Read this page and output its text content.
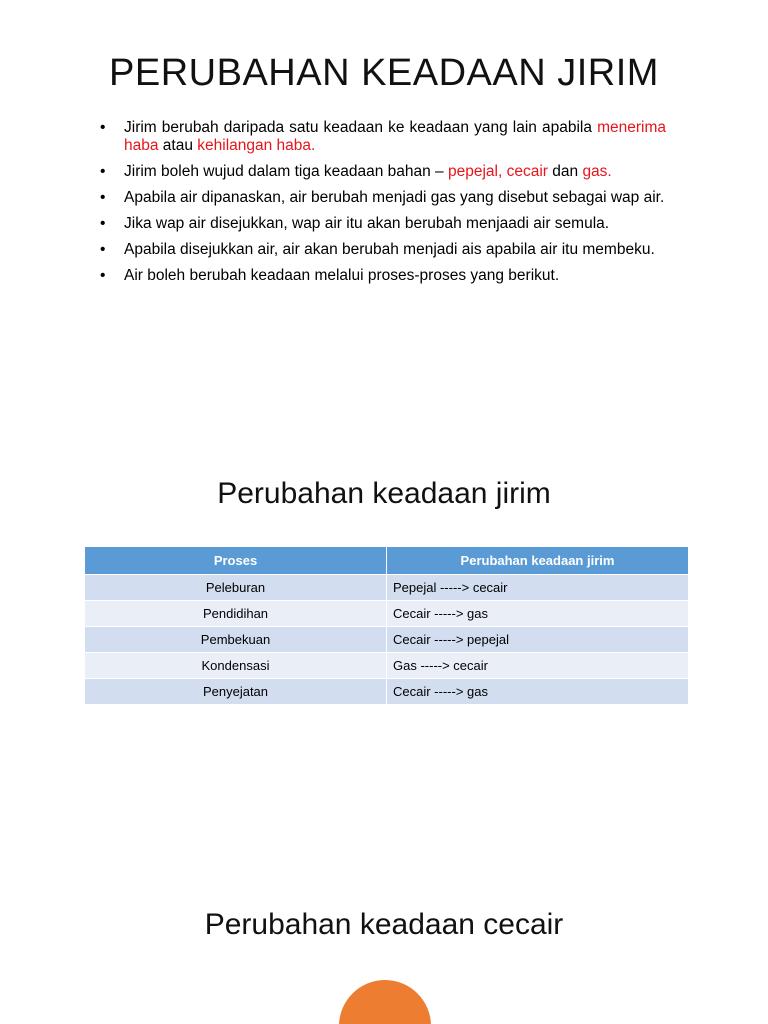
PERUBAHAN KEADAAN JIRIM
• Jirim berubah daripada satu keadaan ke keadaan yang lain apabila menerima haba atau kehilangan haba.
• Jirim boleh wujud dalam tiga keadaan bahan – pepejal, cecair dan gas.
• Apabila air dipanaskan, air berubah menjadi gas yang disebut sebagai wap air.
• Jika wap air disejukkan, wap air itu akan berubah menjaadi air semula.
• Apabila disejukkan air, air akan berubah menjadi ais apabila air itu membeku.
• Air boleh berubah keadaan melalui proses-proses yang berikut.
Perubahan keadaan jirim
Proses	Perubahan keadaan jirim
Peleburan	Pepejal -----> cecair
Pendidihan	Cecair -----> gas
Pembekuan	Cecair -----> pepejal
Kondensasi	Gas -----> cecair
Penyejatan	Cecair -----> gas
Perubahan keadaan cecair
